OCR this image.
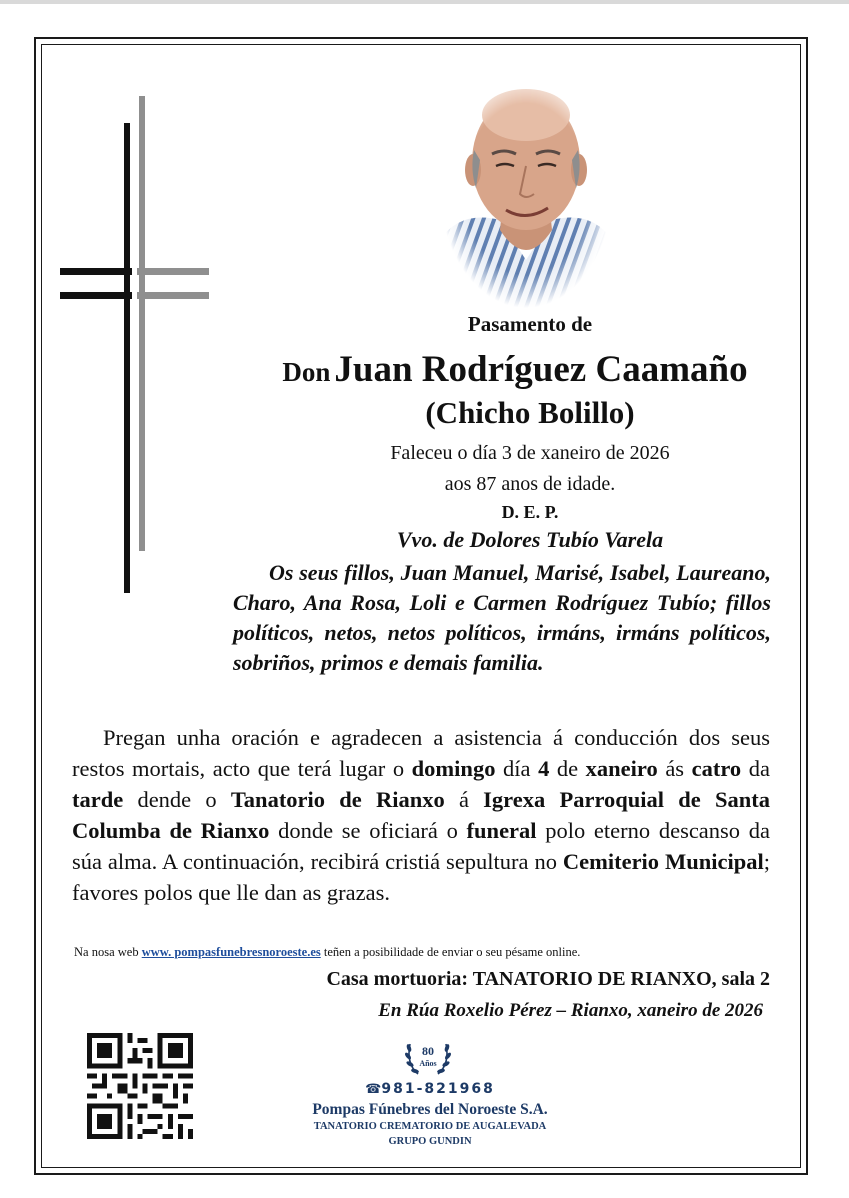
Pasamento de
Don Juan Rodríguez Caamaño
(Chicho Bolillo)
Faleceu o día 3 de xaneiro de 2026
aos 87 anos de idade.
D. E. P.
Vvo. de Dolores Tubío Varela
Os seus fillos, Juan Manuel, Marisé, Isabel, Laureano, Charo, Ana Rosa, Loli e Carmen Rodríguez Tubío; fillos políticos, netos, netos políticos, irmáns, irmáns políticos, sobriños, primos e demais familia.
Pregan unha oración e agradecen a asistencia á conducción dos seus restos mortais, acto que terá lugar o domingo día 4 de xaneiro ás catro da tarde dende o Tanatorio de Rianxo á Igrexa Parroquial de Santa Columba de Rianxo donde se oficiará o funeral polo eterno descanso da súa alma. A continuación, recibirá cristiá sepultura no Cemiterio Municipal; favores polos que lle dan as grazas.
Na nosa web www. pompasfunebresnoroeste.es teñen a posibilidade de enviar o seu pésame online.
Casa mortuoria: TANATORIO DE RIANXO, sala 2
En Rúa Roxelio Pérez – Rianxo, xaneiro de 2026
80
Años
☎981-821968
Pompas Fúnebres del Noroeste S.A.
TANATORIO CREMATORIO DE AUGALEVADA
GRUPO GUNDIN
